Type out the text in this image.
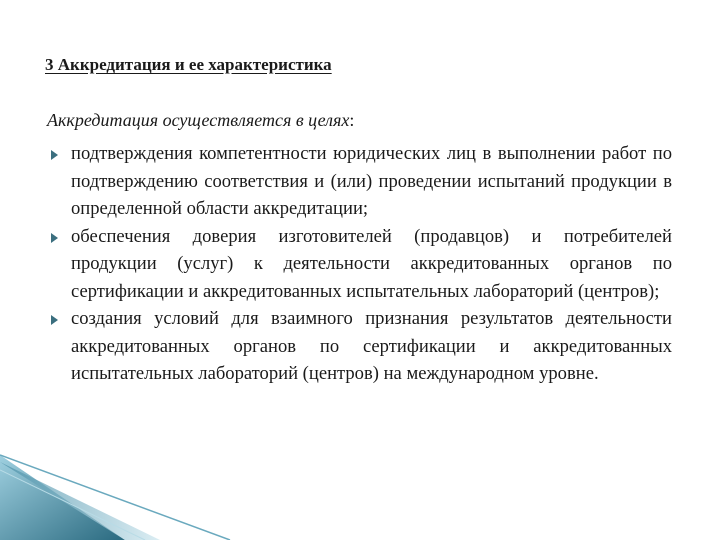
3 Аккредитация и ее характеристика

Аккредитация осуществляется в целях:

подтверждения компетентности юридических лиц в выполнении работ по подтверждению соответствия и (или) проведении испытаний продукции в определенной области аккредитации;
обеспечения доверия изготовителей (продавцов) и потребителей продукции (услуг) к деятельности аккредитованных органов по сертификации и аккредитованных испытательных лабораторий (центров);
создания условий для взаимного признания результатов деятельности аккредитованных органов по сертификации и аккредитованных испытательных лабораторий (центров) на международном уровне.
